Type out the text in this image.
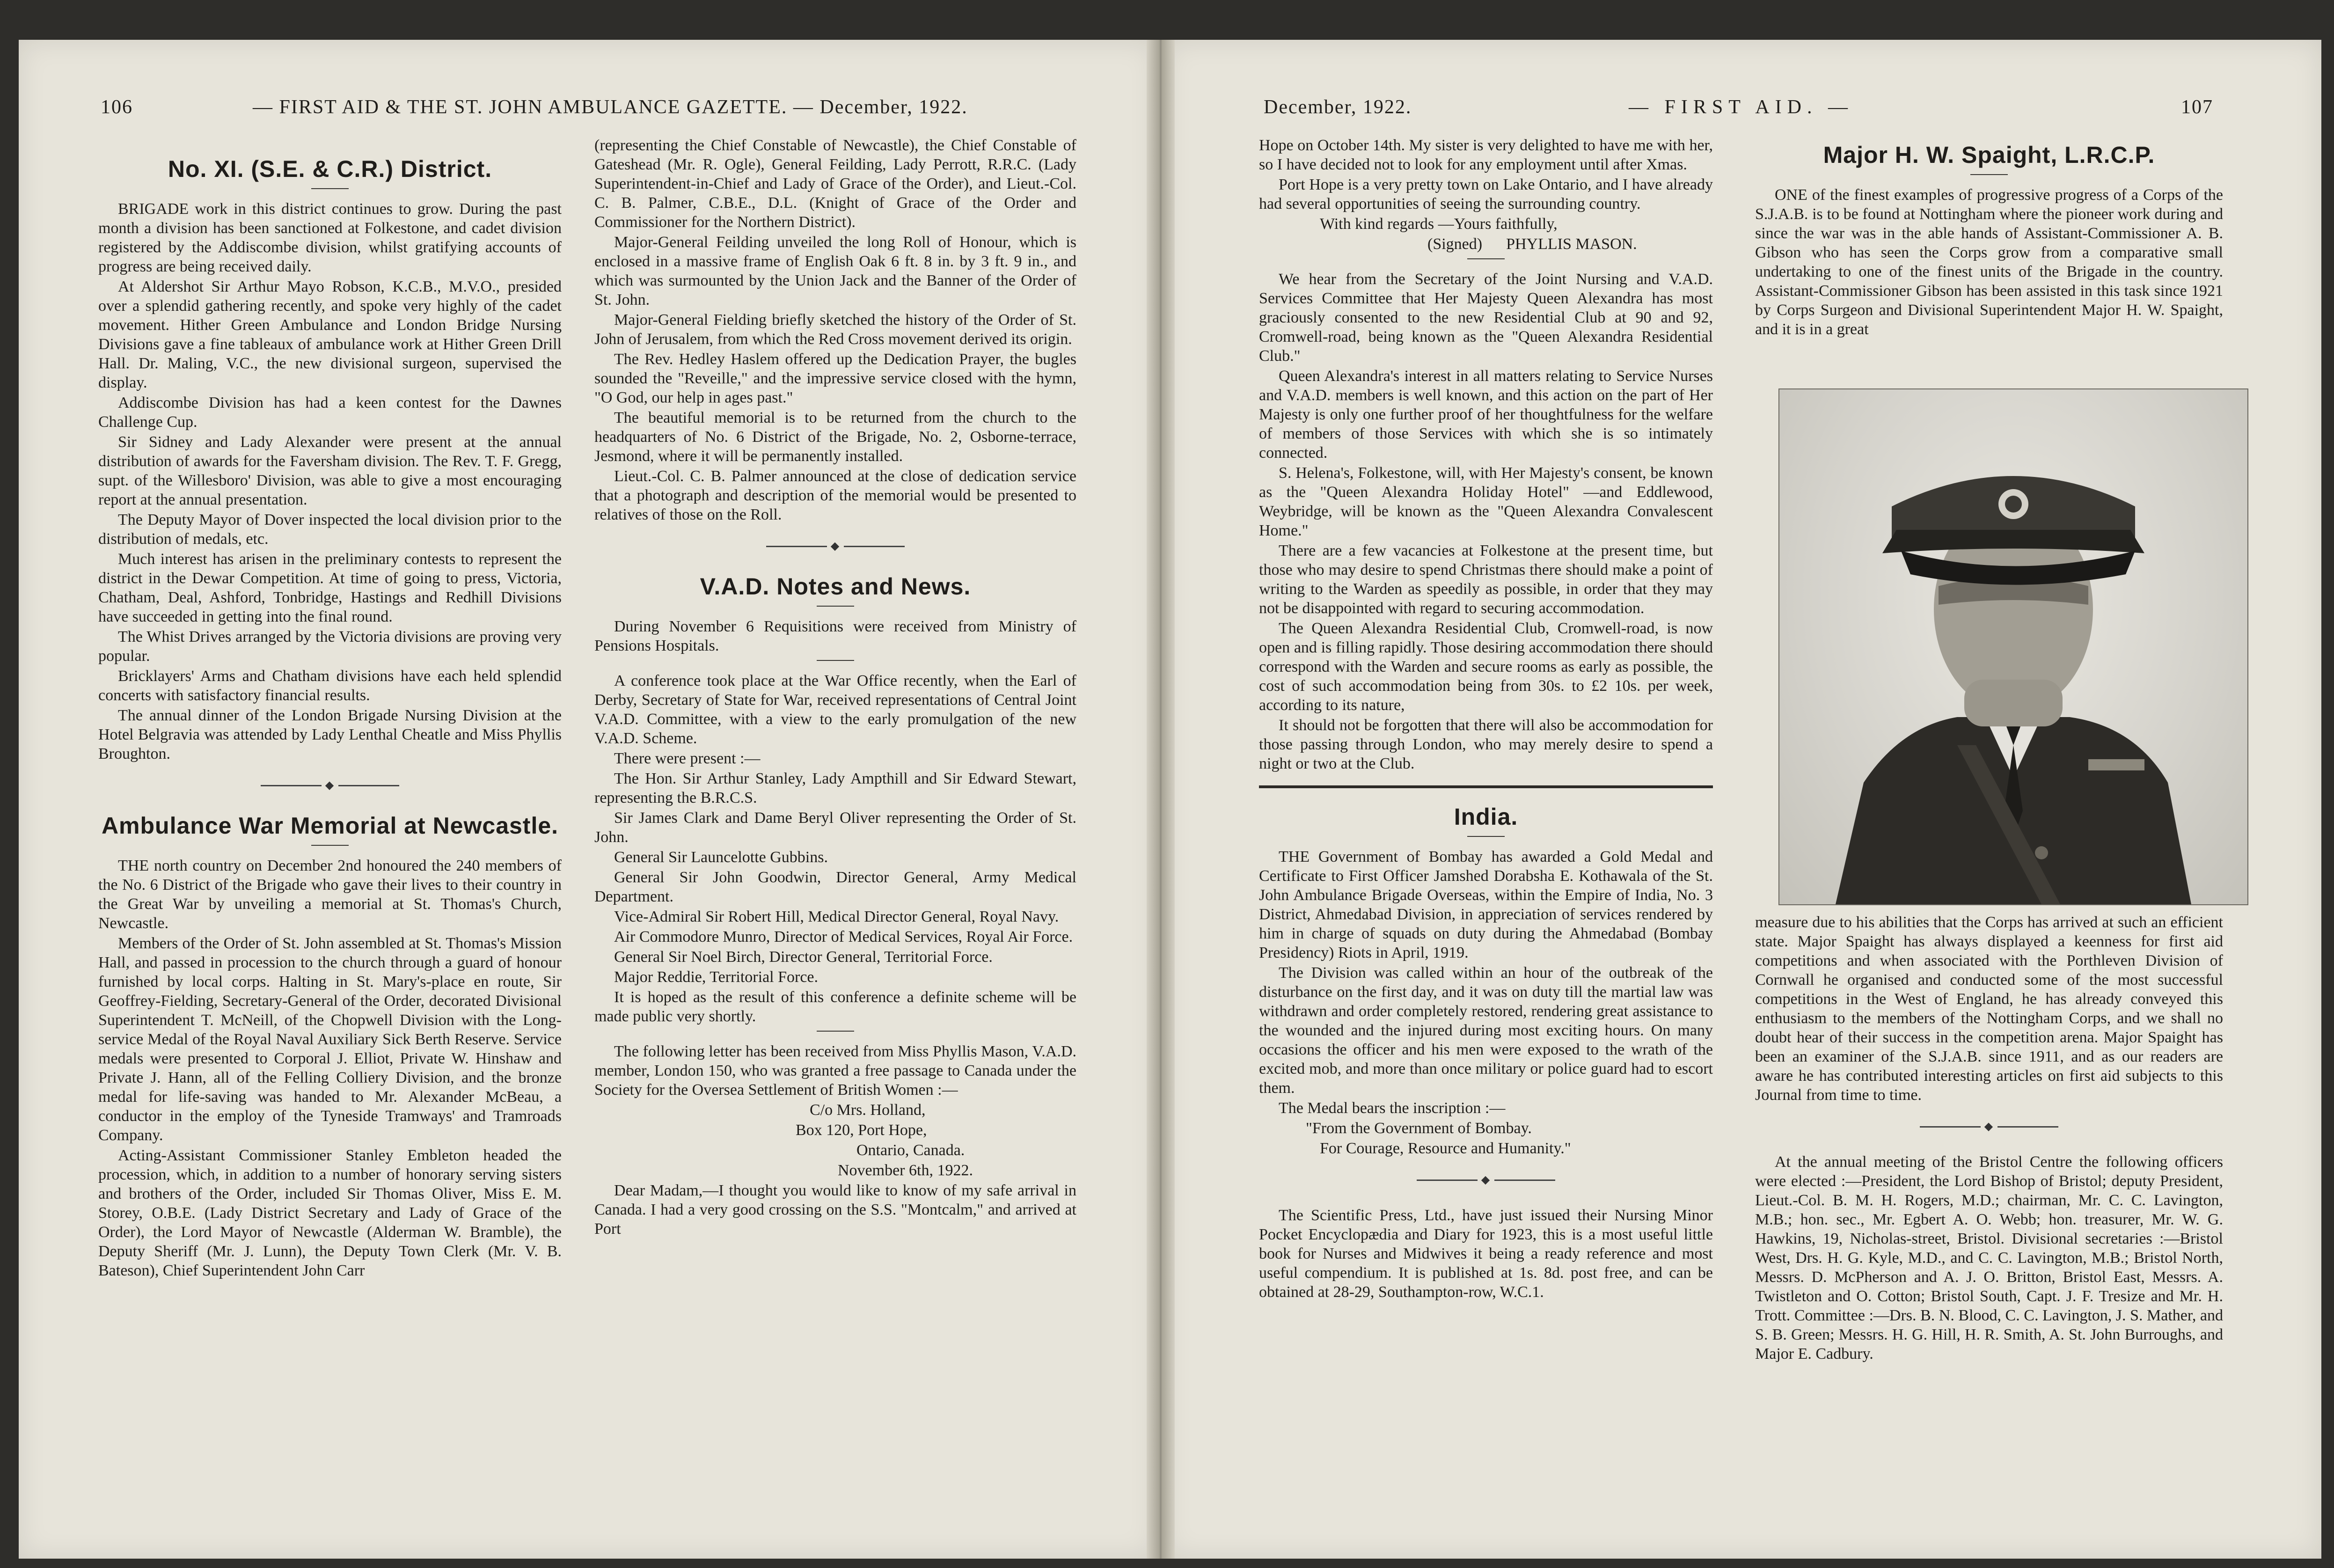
106	— FIRST AID & THE ST. JOHN AMBULANCE GAZETTE. — December, 1922.	December, 1922.	— FIRST AID. —	107
No. XI. (S.E. & C.R.) District.

BRIGADE work in this district continues to grow. During the past month a division has been sanctioned at Folkestone, and cadet division registered by the Addiscombe division, whilst gratifying accounts of progress are being received daily.

At Aldershot Sir Arthur Mayo Robson, K.C.B., M.V.O., presided over a splendid gathering recently, and spoke very highly of the cadet movement. Hither Green Ambulance and London Bridge Nursing Divisions gave a fine tableaux of ambulance work at Hither Green Drill Hall. Dr. Maling, V.C., the new divisional surgeon, supervised the display.

Addiscombe Division has had a keen contest for the Dawnes Challenge Cup.

Sir Sidney and Lady Alexander were present at the annual distribution of awards for the Faversham division. The Rev. T. F. Gregg, supt. of the Willesboro' Division, was able to give a most encouraging report at the annual presentation.

The Deputy Mayor of Dover inspected the local division prior to the distribution of medals, etc.

Much interest has arisen in the preliminary contests to represent the district in the Dewar Competition. At time of going to press, Victoria, Chatham, Deal, Ashford, Tonbridge, Hastings and Redhill Divisions have succeeded in getting into the final round.

The Whist Drives arranged by the Victoria divisions are proving very popular.

Bricklayers' Arms and Chatham divisions have each held splendid concerts with satisfactory financial results.

The annual dinner of the London Brigade Nursing Division at the Hotel Belgravia was attended by Lady Lenthal Cheatle and Miss Phyllis Broughton.

◆
Ambulance War Memorial at Newcastle.

THE north country on December 2nd honoured the 240 members of the No. 6 District of the Brigade who gave their lives to their country in the Great War by unveiling a memorial at St. Thomas's Church, Newcastle.

Members of the Order of St. John assembled at St. Thomas's Mission Hall, and passed in procession to the church through a guard of honour furnished by local corps. Halting in St. Mary's-place en route, Sir Geoffrey-Fielding, Secretary-General of the Order, decorated Divisional Superintendent T. McNeill, of the Chopwell Division with the Long-service Medal of the Royal Naval Auxiliary Sick Berth Reserve. Service medals were presented to Corporal J. Elliot, Private W. Hinshaw and Private J. Hann, all of the Felling Colliery Division, and the bronze medal for life-saving was handed to Mr. Alexander McBeau, a conductor in the employ of the Tyneside Tramways' and Tramroads Company.

Acting-Assistant Commissioner Stanley Embleton headed the procession, which, in addition to a number of honorary serving sisters and brothers of the Order, included Sir Thomas Oliver, Miss E. M. Storey, O.B.E. (Lady District Secretary and Lady of Grace of the Order), the Lord Mayor of Newcastle (Alderman W. Bramble), the Deputy Sheriff (Mr. J. Lunn), the Deputy Town Clerk (Mr. V. B. Bateson), Chief Superintendent John Carr

(representing the Chief Constable of Newcastle), the Chief Constable of Gateshead (Mr. R. Ogle), General Feilding, Lady Perrott, R.R.C. (Lady Superintendent-in-Chief and Lady of Grace of the Order), and Lieut.-Col. C. B. Palmer, C.B.E., D.L. (Knight of Grace of the Order and Commissioner for the Northern District).

Major-General Feilding unveiled the long Roll of Honour, which is enclosed in a massive frame of English Oak 6 ft. 8 in. by 3 ft. 9 in., and which was surmounted by the Union Jack and the Banner of the Order of St. John.

Major-General Fielding briefly sketched the history of the Order of St. John of Jerusalem, from which the Red Cross movement derived its origin.

The Rev. Hedley Haslem offered up the Dedication Prayer, the bugles sounded the "Reveille," and the impressive service closed with the hymn, "O God, our help in ages past."

The beautiful memorial is to be returned from the church to the headquarters of No. 6 District of the Brigade, No. 2, Osborne-terrace, Jesmond, where it will be permanently installed.

Lieut.-Col. C. B. Palmer announced at the close of dedication service that a photograph and description of the memorial would be presented to relatives of those on the Roll.

◆
V.A.D. Notes and News.

During November 6 Requisitions were received from Ministry of Pensions Hospitals.

A conference took place at the War Office recently, when the Earl of Derby, Secretary of State for War, received representations of Central Joint V.A.D. Committee, with a view to the early promulgation of the new V.A.D. Scheme.

There were present :—

The Hon. Sir Arthur Stanley, Lady Ampthill and Sir Edward Stewart, representing the B.R.C.S.

Sir James Clark and Dame Beryl Oliver representing the Order of St. John.

General Sir Launcelotte Gubbins.

General Sir John Goodwin, Director General, Army Medical Department.

Vice-Admiral Sir Robert Hill, Medical Director General, Royal Navy.

Air Commodore Munro, Director of Medical Services, Royal Air Force.

General Sir Noel Birch, Director General, Territorial Force.

Major Reddie, Territorial Force.

It is hoped as the result of this conference a definite scheme will be made public very shortly.

The following letter has been received from Miss Phyllis Mason, V.A.D. member, London 150, who was granted a free passage to Canada under the Society for the Oversea Settlement of British Women :—

C/o Mrs. Holland,

Box 120, Port Hope,

Ontario, Canada.

November 6th, 1922.

Dear Madam,—I thought you would like to know of my safe arrival in Canada. I had a very good crossing on the S.S. "Montcalm," and arrived at Port

Hope on October 14th. My sister is very delighted to have me with her, so I have decided not to look for any employment until after Xmas.

Port Hope is a very pretty town on Lake Ontario, and I have already had several opportunities of seeing the surrounding country.

With kind regards —Yours faithfully,

(Signed) PHYLLIS MASON.

We hear from the Secretary of the Joint Nursing and V.A.D. Services Committee that Her Majesty Queen Alexandra has most graciously consented to the new Residential Club at 90 and 92, Cromwell-road, being known as the "Queen Alexandra Residential Club."

Queen Alexandra's interest in all matters relating to Service Nurses and V.A.D. members is well known, and this action on the part of Her Majesty is only one further proof of her thoughtfulness for the welfare of members of those Services with which she is so intimately connected.

S. Helena's, Folkestone, will, with Her Majesty's consent, be known as the "Queen Alexandra Holiday Hotel" —and Eddlewood, Weybridge, will be known as the "Queen Alexandra Convalescent Home."

There are a few vacancies at Folkestone at the present time, but those who may desire to spend Christmas there should make a point of writing to the Warden as speedily as possible, in order that they may not be disappointed with regard to securing accommodation.

The Queen Alexandra Residential Club, Cromwell-road, is now open and is filling rapidly. Those desiring accommodation there should correspond with the Warden and secure rooms as early as possible, the cost of such accommodation being from 30s. to £2 10s. per week, according to its nature,

It should not be forgotten that there will also be accommodation for those passing through London, who may merely desire to spend a night or two at the Club.

India.

THE Government of Bombay has awarded a Gold Medal and Certificate to First Officer Jamshed Dorabsha E. Kothawala of the St. John Ambulance Brigade Overseas, within the Empire of India, No. 3 District, Ahmedabad Division, in appreciation of services rendered by him in charge of squads on duty during the Ahmedabad (Bombay Presidency) Riots in April, 1919.

The Division was called within an hour of the outbreak of the disturbance on the first day, and it was on duty till the martial law was withdrawn and order completely restored, rendering great assistance to the wounded and the injured during most exciting hours. On many occasions the officer and his men were exposed to the wrath of the excited mob, and more than once military or police guard had to escort them.

The Medal bears the inscription :—

"From the Government of Bombay.

For Courage, Resource and Humanity."

◆

The Scientific Press, Ltd., have just issued their Nursing Minor Pocket Encyclopædia and Diary for 1923, this is a most useful little book for Nurses and Midwives it being a ready reference and most useful compendium. It is published at 1s. 8d. post free, and can be obtained at 28-29, Southampton-row, W.C.1.

Major H. W. Spaight, L.R.C.P.

ONE of the finest examples of progressive progress of a Corps of the S.J.A.B. is to be found at Nottingham where the pioneer work during and since the war was in the able hands of Assistant-Commissioner A. B. Gibson who has seen the Corps grow from a comparative small undertaking to one of the finest units of the Brigade in the country. Assistant-Commissioner Gibson has been assisted in this task since 1921 by Corps Surgeon and Divisional Superintendent Major H. W. Spaight, and it is in a great

measure due to his abilities that the Corps has arrived at such an efficient state. Major Spaight has always displayed a keenness for first aid competitions and when associated with the Porthleven Division of Cornwall he organised and conducted some of the most successful competitions in the West of England, he has already conveyed this enthusiasm to the members of the Nottingham Corps, and we shall no doubt hear of their success in the competition arena. Major Spaight has been an examiner of the S.J.A.B. since 1911, and as our readers are aware he has contributed interesting articles on first aid subjects to this Journal from time to time.

◆

At the annual meeting of the Bristol Centre the following officers were elected :—President, the Lord Bishop of Bristol; deputy President, Lieut.-Col. B. M. H. Rogers, M.D.; chairman, Mr. C. C. Lavington, M.B.; hon. sec., Mr. Egbert A. O. Webb; hon. treasurer, Mr. W. G. Hawkins, 19, Nicholas-street, Bristol. Divisional secretaries :—Bristol West, Drs. H. G. Kyle, M.D., and C. C. Lavington, M.B.; Bristol North, Messrs. D. McPherson and A. J. O. Britton, Bristol East, Messrs. A. Twistleton and O. Cotton; Bristol South, Capt. J. F. Tresize and Mr. H. Trott. Committee :—Drs. B. N. Blood, C. C. Lavington, J. S. Mather, and S. B. Green; Messrs. H. G. Hill, H. R. Smith, A. St. John Burroughs, and Major E. Cadbury.
